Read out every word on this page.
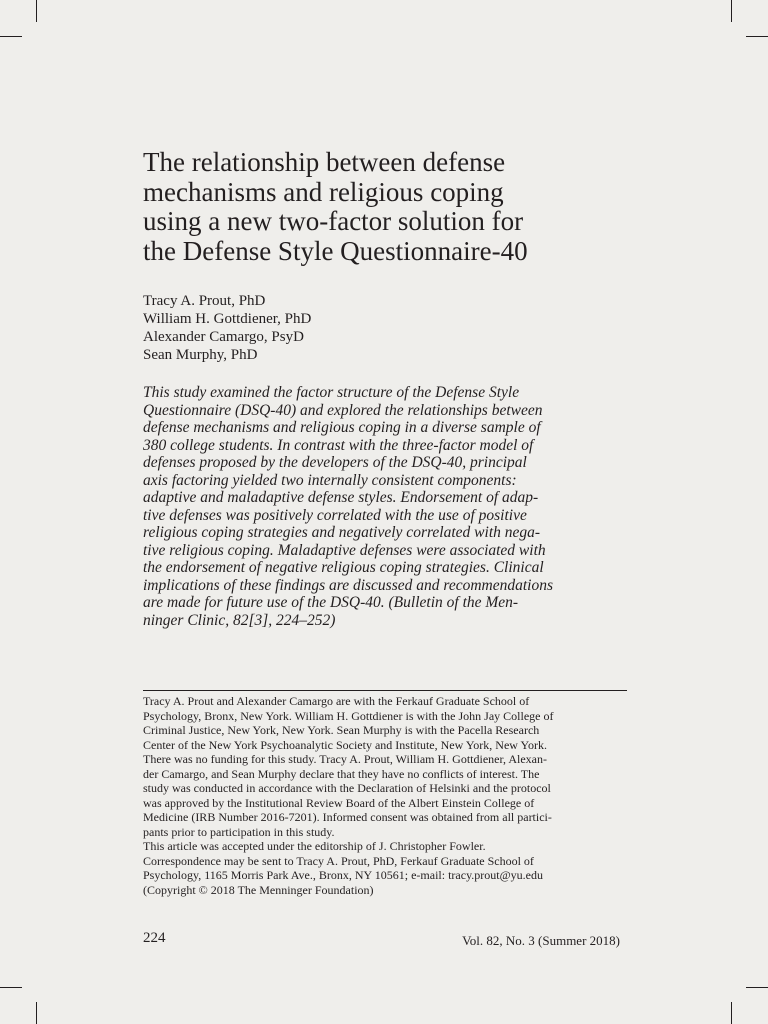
The relationship between defense
mechanisms and religious coping
using a new two-factor solution for
the Defense Style Questionnaire-40
Tracy A. Prout, PhD
William H. Gottdiener, PhD
Alexander Camargo, PsyD
Sean Murphy, PhD
This study examined the factor structure of the Defense Style
Questionnaire (DSQ-40) and explored the relationships between
defense mechanisms and religious coping in a diverse sample of
380 college students. In contrast with the three-factor model of
defenses proposed by the developers of the DSQ-40, principal
axis factoring yielded two internally consistent components:
adaptive and maladaptive defense styles. Endorsement of adap-
tive defenses was positively correlated with the use of positive
religious coping strategies and negatively correlated with nega-
tive religious coping. Maladaptive defenses were associated with
the endorsement of negative religious coping strategies. Clinical
implications of these findings are discussed and recommendations
are made for future use of the DSQ-40. (Bulletin of the Men-
ninger Clinic, 82[3], 224–252)
Tracy A. Prout and Alexander Camargo are with the Ferkauf Graduate School of
Psychology, Bronx, New York. William H. Gottdiener is with the John Jay College of
Criminal Justice, New York, New York. Sean Murphy is with the Pacella Research
Center of the New York Psychoanalytic Society and Institute, New York, New York.
There was no funding for this study. Tracy A. Prout, William H. Gottdiener, Alexan-
der Camargo, and Sean Murphy declare that they have no conflicts of interest. The
study was conducted in accordance with the Declaration of Helsinki and the protocol
was approved by the Institutional Review Board of the Albert Einstein College of
Medicine (IRB Number 2016-7201). Informed consent was obtained from all partici-
pants prior to participation in this study.
This article was accepted under the editorship of J. Christopher Fowler.
Correspondence may be sent to Tracy A. Prout, PhD, Ferkauf Graduate School of
Psychology, 1165 Morris Park Ave., Bronx, NY 10561; e-mail: tracy.prout@yu.edu
(Copyright © 2018 The Menninger Foundation)
224	Vol. 82, No. 3 (Summer 2018)
